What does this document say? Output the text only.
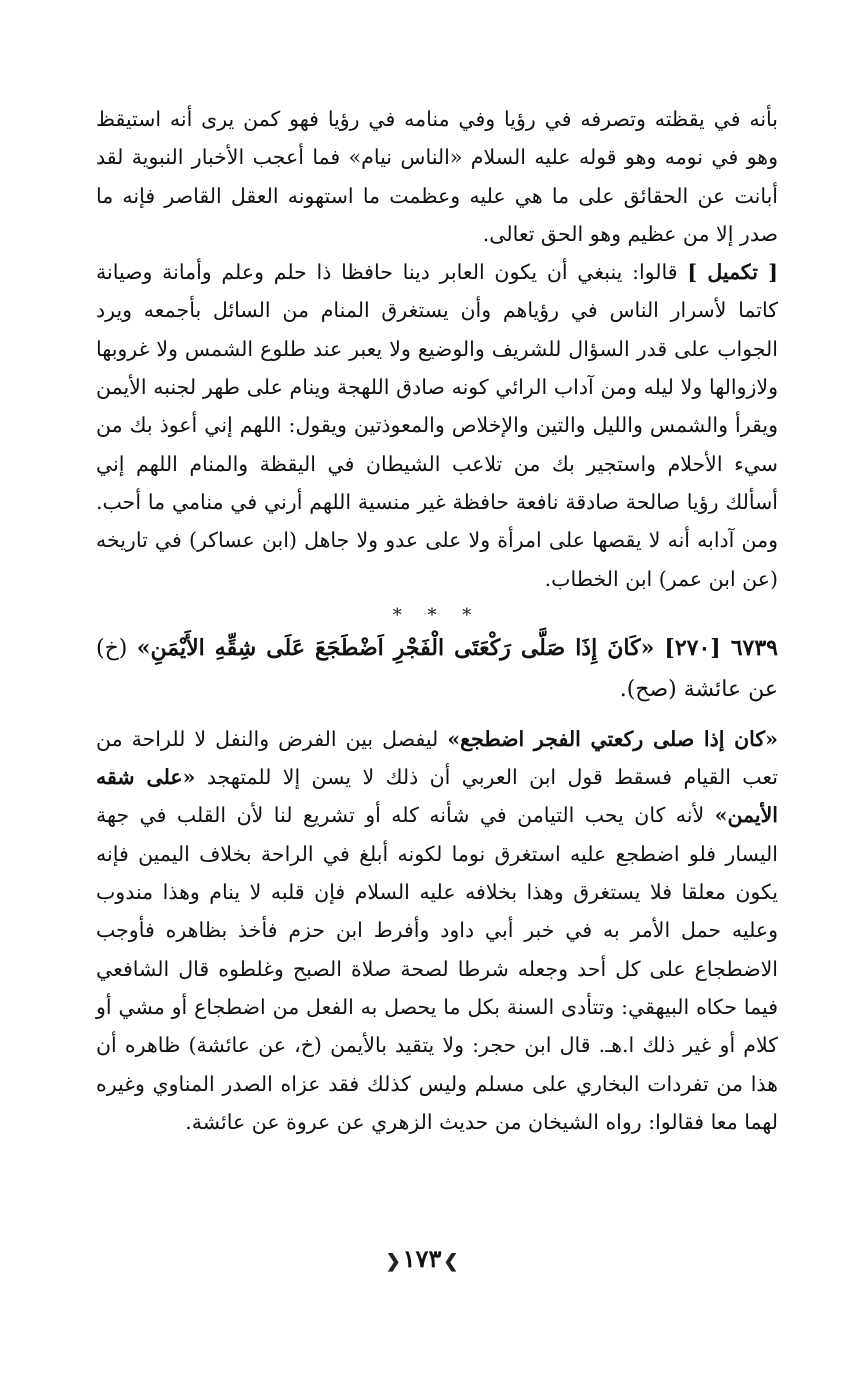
بأنه في يقظته وتصرفه في رؤيا وفي منامه في رؤيا فهو كمن يرى أنه استيقظ وهو في نومه وهو قوله عليه السلام «الناس نيام» فما أعجب الأخبار النبوية لقد أبانت عن الحقائق على ما هي عليه وعظمت ما استهونه العقل القاصر فإنه ما صدر إلا من عظيم وهو الحق تعالى.

[ تكميل ] قالوا: ينبغي أن يكون العابر دينا حافظا ذا حلم وعلم وأمانة وصيانة كاتما لأسرار الناس في رؤياهم وأن يستغرق المنام من السائل بأجمعه ويرد الجواب على قدر السؤال للشريف والوضيع ولا يعبر عند طلوع الشمس ولا غروبها ولازوالها ولا ليله ومن آداب الرائي كونه صادق اللهجة وينام على طهر لجنبه الأيمن ويقرأ والشمس والليل والتين والإخلاص والمعوذتين ويقول: اللهم إني أعوذ بك من سيء الأحلام واستجير بك من تلاعب الشيطان في اليقظة والمنام اللهم إني أسألك رؤيا صالحة صادقة نافعة حافظة غير منسية اللهم أرني في منامي ما أحب. ومن آدابه أنه لا يقصها على امرأة ولا على عدو ولا جاهل (ابن عساكر) في تاريخه (عن ابن عمر) ابن الخطاب.

* * *

٦٧٣٩ [٢٧٠] «كَانَ إِذَا صَلَّى رَكْعَتَى الْفَجْرِ اَضْطَجَعَ عَلَى شِقِّهِ الأَيْمَنِ» (خ) عن عائشة (صح).

«كان إذا صلى ركعتي الفجر اضطجع» ليفصل بين الفرض والنفل لا للراحة من تعب القيام فسقط قول ابن العربي أن ذلك لا يسن إلا للمتهجد «على شقه الأيمن» لأنه كان يحب التيامن في شأنه كله أو تشريع لنا لأن القلب في جهة اليسار فلو اضطجع عليه استغرق نوما لكونه أبلغ في الراحة بخلاف اليمين فإنه يكون معلقا فلا يستغرق وهذا بخلافه عليه السلام فإن قلبه لا ينام وهذا مندوب وعليه حمل الأمر به في خبر أبي داود وأفرط ابن حزم فأخذ بظاهره فأوجب الاضطجاع على كل أحد وجعله شرطا لصحة صلاة الصبح وغلطوه قال الشافعي فيما حكاه البيهقي: وتتأدى السنة بكل ما يحصل به الفعل من اضطجاع أو مشي أو كلام أو غير ذلك ا.هـ. قال ابن حجر: ولا يتقيد بالأيمن (خ، عن عائشة) ظاهره أن هذا من تفردات البخاري على مسلم وليس كذلك فقد عزاه الصدر المناوي وغيره لهما معا فقالوا: رواه الشيخان من حديث الزهري عن عروة عن عائشة.

❯١٧٣❮
